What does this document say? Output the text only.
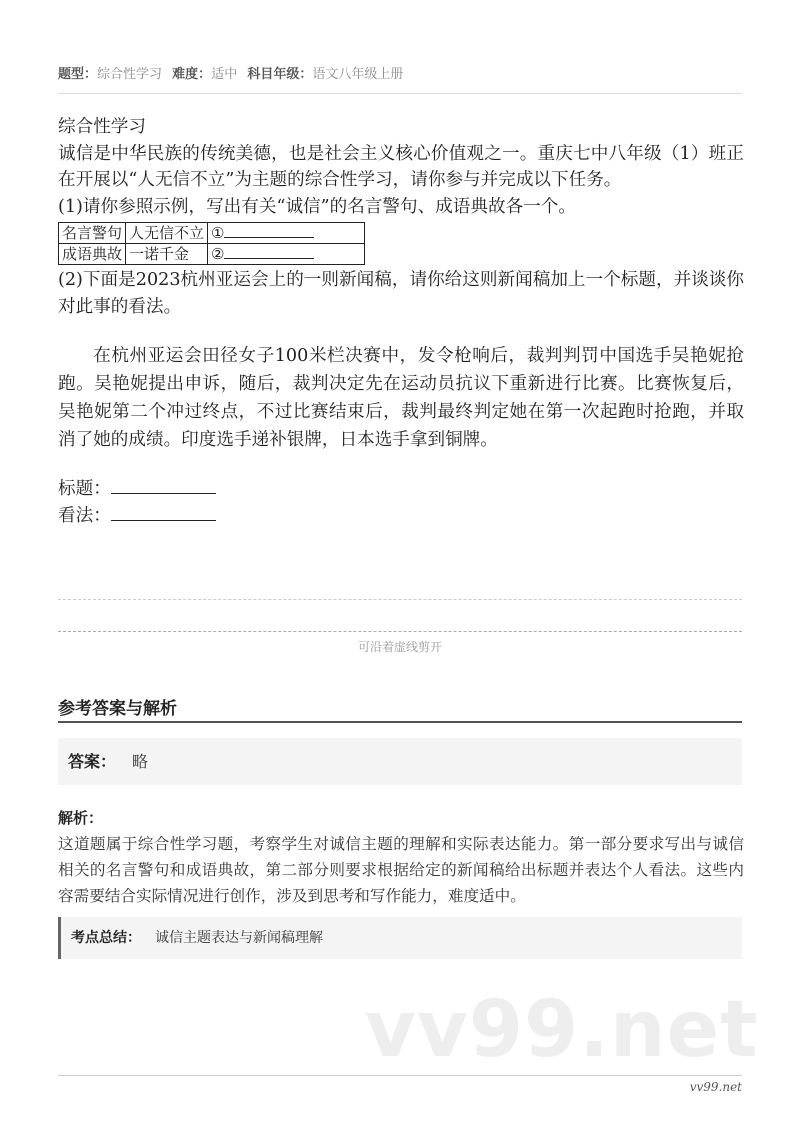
题型：综合性学习 难度：适中 科目年级：语文八年级上册

综合性学习

诚信是中华民族的传统美德，也是社会主义核心价值观之一。重庆七中八年级（1）班正在开展以“人无信不立”为主题的综合性学习，请你参与并完成以下任务。

(1)请你参照示例，写出有关“诚信”的名言警句、成语典故各一个。

名言警句	人无信不立	①
成语典故	一诺千金	②

(2)下面是2023杭州亚运会上的一则新闻稿，请你给这则新闻稿加上一个标题，并谈谈你对此事的看法。

在杭州亚运会田径女子100米栏决赛中，发令枪响后，裁判判罚中国选手吴艳妮抢跑。吴艳妮提出申诉，随后，裁判决定先在运动员抗议下重新进行比赛。比赛恢复后，吴艳妮第二个冲过终点，不过比赛结束后，裁判最终判定她在第一次起跑时抢跑，并取消了她的成绩。印度选手递补银牌，日本选手拿到铜牌。

标题：

看法：

可沿着虚线剪开
参考答案与解析
答案： 略
解析：
这道题属于综合性学习题，考察学生对诚信主题的理解和实际表达能力。第一部分要求写出与诚信相关的名言警句和成语典故，第二部分则要求根据给定的新闻稿给出标题并表达个人看法。这些内容需要结合实际情况进行创作，涉及到思考和写作能力，难度适中。
考点总结： 诚信主题表达与新闻稿理解
vv99.net
vv99.net
